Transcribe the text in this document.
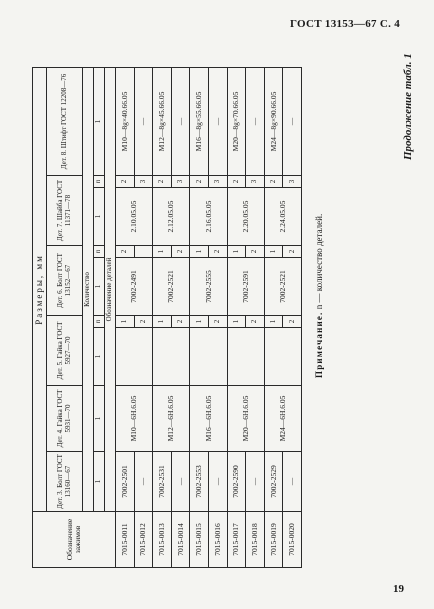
ГОСТ 13153—67 С. 4
Продолжение табл. 1
Обозначение зажимов	Размеры, мм								
	Дет. 3. Болт ГОСТ 13160—67	Дет. 4. Гайка ГОСТ 5931—70	Дет. 5. Гайка ГОСТ 5927—70		Дет. 6. Болт ГОСТ 13152—67		Дет. 7. Шайба ГОСТ 11371—78		Дет. 8. Штифт ГОСТ 12208—76
	Количество								
	1	1	1	n	1	n	1	n	1
	Обозначение деталей								
7015-0011	7002-2501	M10—6H.6.05		1	7002-2491	2	2.10.05.05	2	M10—8g×40.66.05
7015-0012	—			2				3	—
7015-0013	7002-2531	M12—6H.6.05		1	7002-2521	1	2.12.05.05	2	M12—8g×45.66.05
7015-0014	—			2		2		3	—
7015-0015	7002-2553	M16—6H.6.05		1	7002-2555	1	2.16.05.05	2	M16—8g×55.66.05
7015-0016	—			2		2		3	—
7015-0017	7002-2590	M20—6H.6.05		1	7002-2591	1	2.20.05.05	2	M20—8g×70.66.05
7015-0018	—			2		2		3	—
7015-0019	7002-2529	M24—6H.6.05		1	7002-2521	1	2.24.05.05	2	M24—8g×90.66.05
7015-0020	—			2		2		3	—
Примечание. n — количество деталей.
19
